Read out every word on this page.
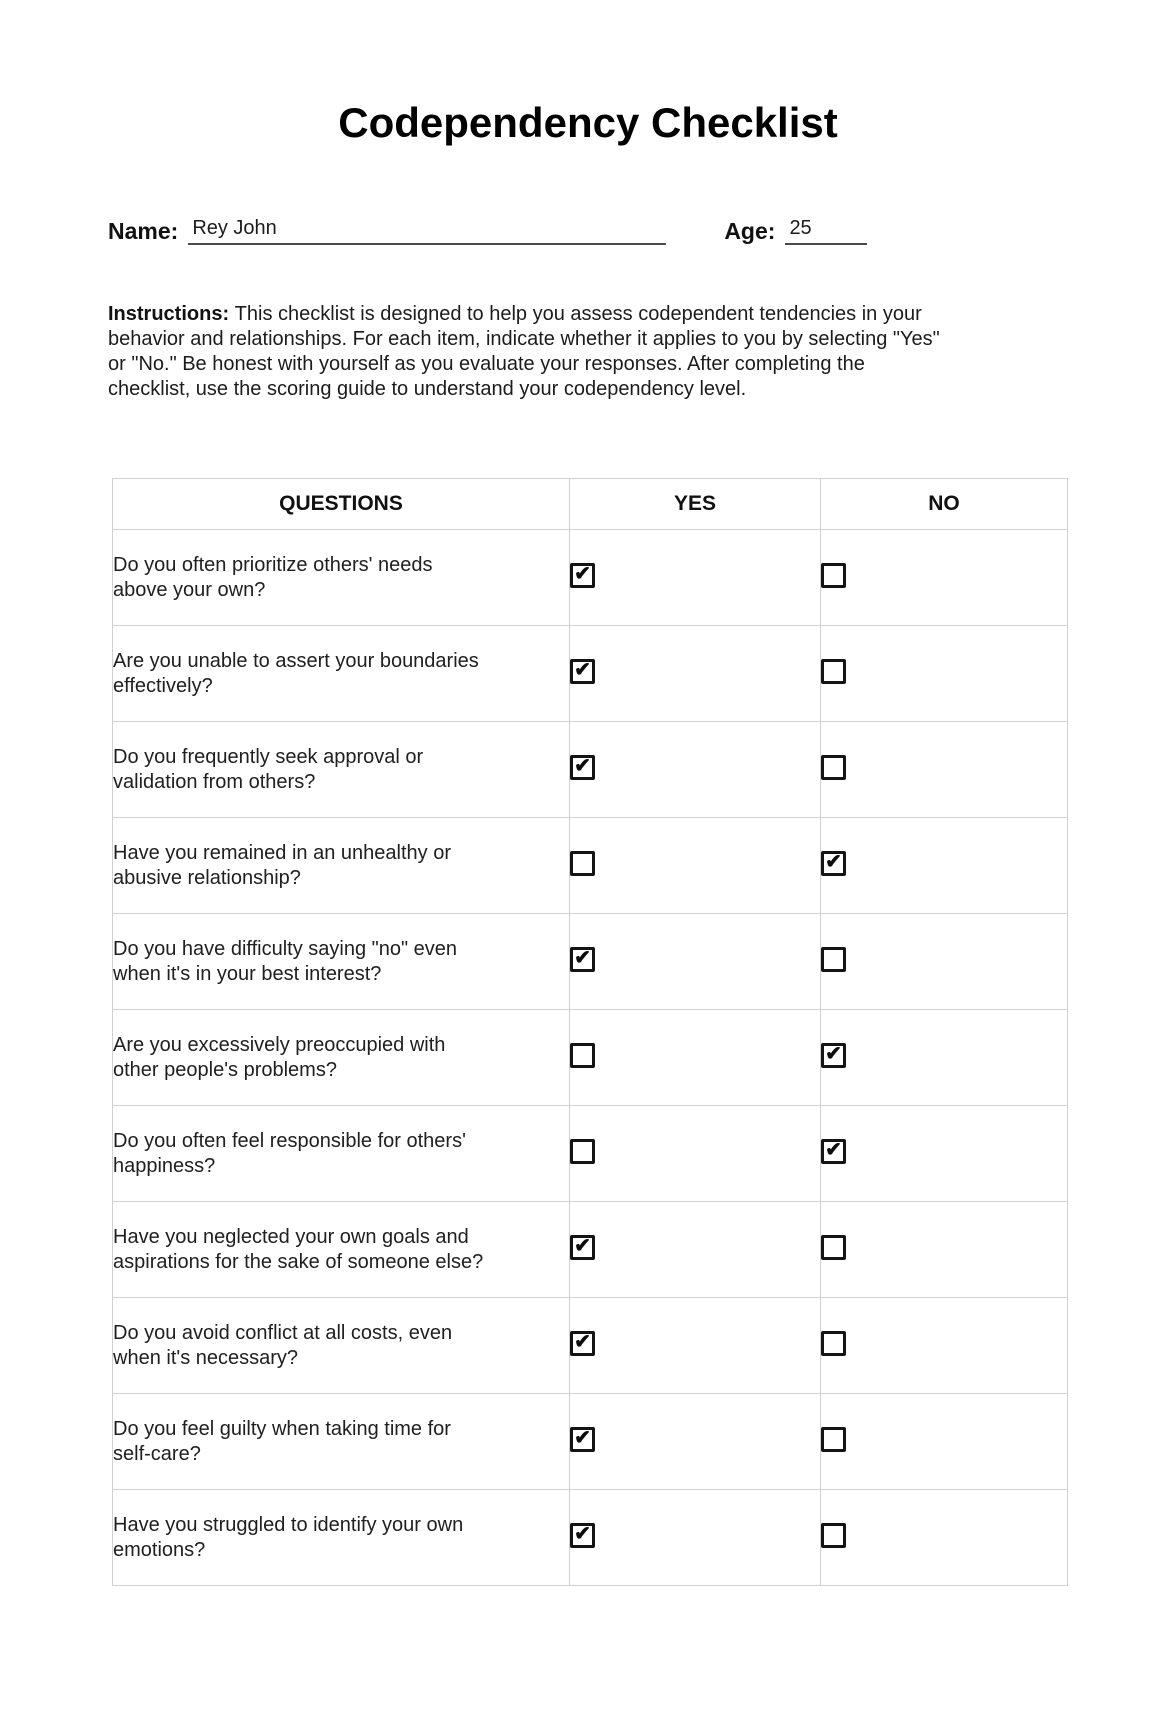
Codependency Checklist
Name: Rey John	Age: 25
Instructions: This checklist is designed to help you assess codependent tendencies in your
behavior and relationships. For each item, indicate whether it applies to you by selecting "Yes"
or "No." Be honest with yourself as you evaluate your responses. After completing the
checklist, use the scoring guide to understand your codependency level.
QUESTIONS	YES	NO

Do you often prioritize others' needs
above your own?	✔	

Are you unable to assert your boundaries
effectively?	✔	

Do you frequently seek approval or
validation from others?	✔	

Have you remained in an unhealthy or
abusive relationship?		✔

Do you have difficulty saying "no" even
when it's in your best interest?	✔	

Are you excessively preoccupied with
other people's problems?		✔

Do you often feel responsible for others'
happiness?		✔

Have you neglected your own goals and
aspirations for the sake of someone else?	✔	

Do you avoid conflict at all costs, even
when it's necessary?	✔	

Do you feel guilty when taking time for
self-care?	✔	

Have you struggled to identify your own
emotions?	✔	
